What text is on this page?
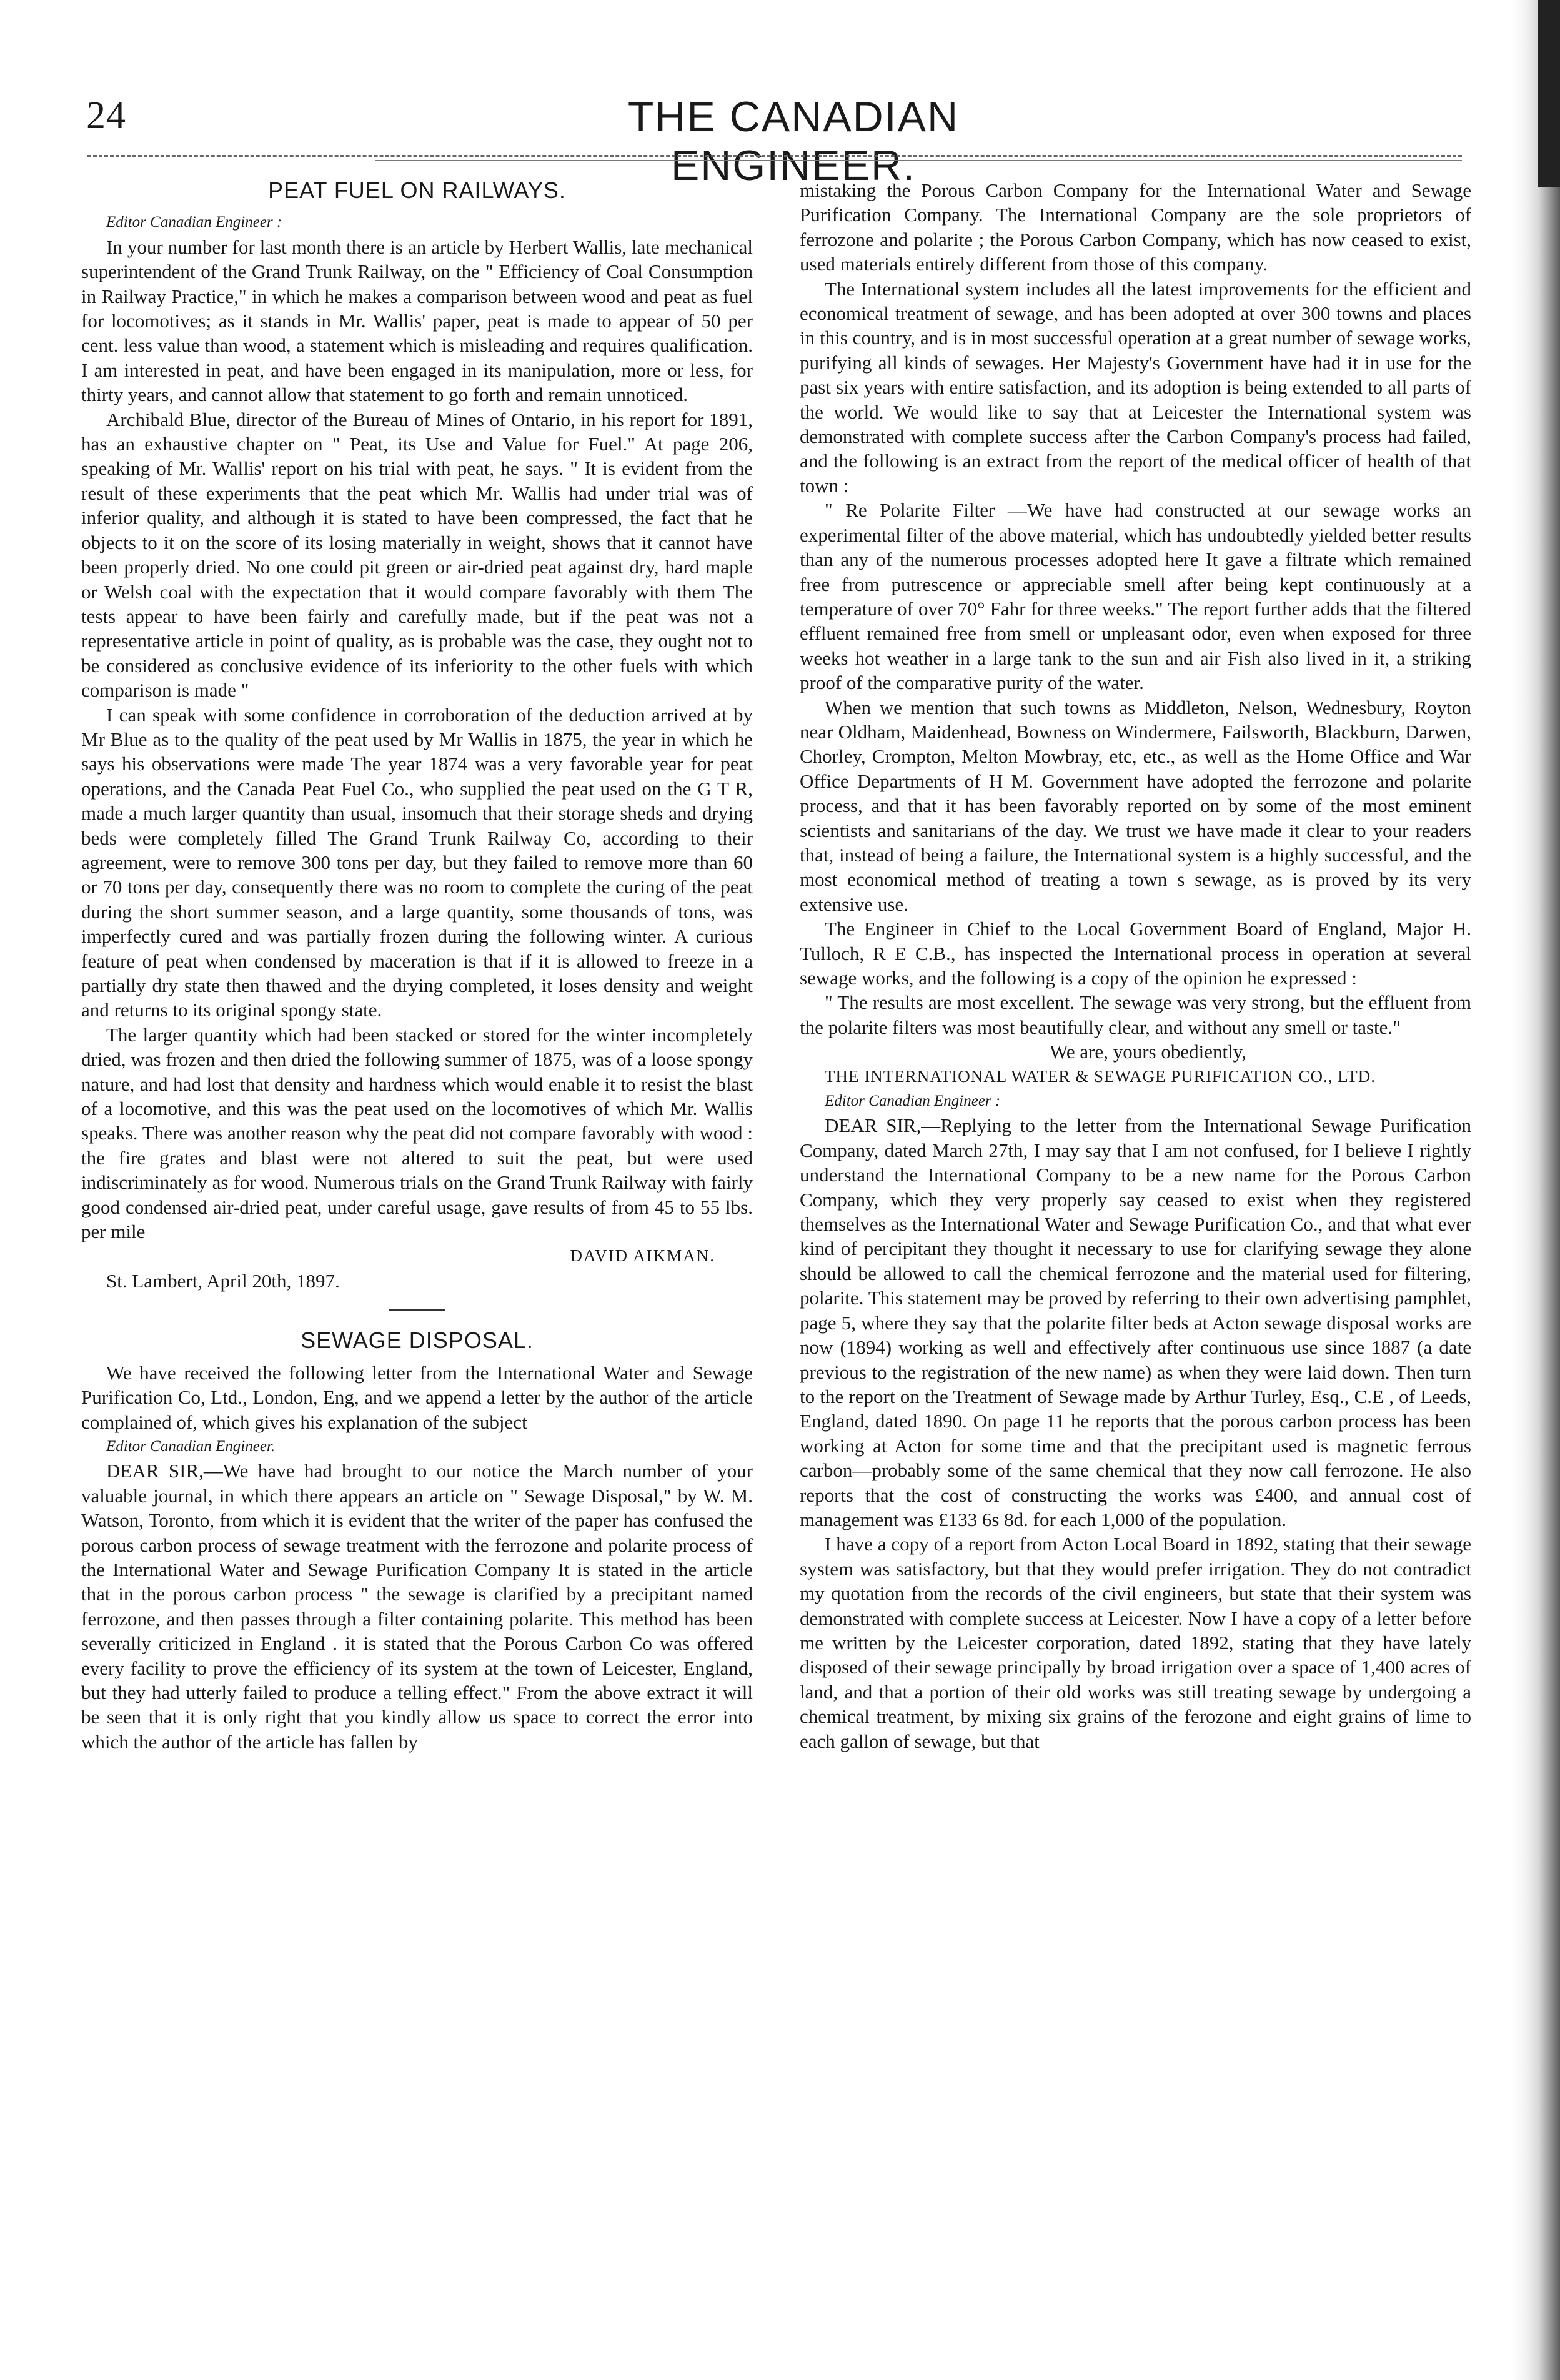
24	THE CANADIAN ENGINEER.
PEAT FUEL ON RAILWAYS.

Editor Canadian Engineer :

In your number for last month there is an article by Herbert Wallis, late mechanical superintendent of the Grand Trunk Railway, on the " Efficiency of Coal Consumption in Railway Practice," in which he makes a comparison between wood and peat as fuel for locomotives; as it stands in Mr. Wallis' paper, peat is made to appear of 50 per cent. less value than wood, a statement which is misleading and requires qualification. I am interested in peat, and have been engaged in its manipulation, more or less, for thirty years, and cannot allow that statement to go forth and remain unnoticed.

Archibald Blue, director of the Bureau of Mines of Ontario, in his report for 1891, has an exhaustive chapter on " Peat, its Use and Value for Fuel." At page 206, speaking of Mr. Wallis' report on his trial with peat, he says. " It is evident from the result of these experiments that the peat which Mr. Wallis had under trial was of inferior quality, and although it is stated to have been compressed, the fact that he objects to it on the score of its losing materially in weight, shows that it cannot have been properly dried. No one could pit green or air-dried peat against dry, hard maple or Welsh coal with the expectation that it would compare favorably with them The tests appear to have been fairly and carefully made, but if the peat was not a representative article in point of quality, as is probable was the case, they ought not to be considered as conclusive evidence of its inferiority to the other fuels with which comparison is made "

I can speak with some confidence in corroboration of the deduction arrived at by Mr Blue as to the quality of the peat used by Mr Wallis in 1875, the year in which he says his observations were made The year 1874 was a very favorable year for peat operations, and the Canada Peat Fuel Co., who supplied the peat used on the G T R, made a much larger quantity than usual, insomuch that their storage sheds and drying beds were completely filled The Grand Trunk Railway Co, according to their agreement, were to remove 300 tons per day, but they failed to remove more than 60 or 70 tons per day, consequently there was no room to complete the curing of the peat during the short summer season, and a large quantity, some thousands of tons, was imperfectly cured and was partially frozen during the following winter. A curious feature of peat when condensed by maceration is that if it is allowed to freeze in a partially dry state then thawed and the drying completed, it loses density and weight and returns to its original spongy state.

The larger quantity which had been stacked or stored for the winter incompletely dried, was frozen and then dried the following summer of 1875, was of a loose spongy nature, and had lost that density and hardness which would enable it to resist the blast of a locomotive, and this was the peat used on the locomotives of which Mr. Wallis speaks. There was another reason why the peat did not compare favorably with wood : the fire grates and blast were not altered to suit the peat, but were used indiscriminately as for wood. Numerous trials on the Grand Trunk Railway with fairly good condensed air-dried peat, under careful usage, gave results of from 45 to 55 lbs. per mile

DAVID AIKMAN.

St. Lambert, April 20th, 1897.

SEWAGE DISPOSAL.

We have received the following letter from the International Water and Sewage Purification Co, Ltd., London, Eng, and we append a letter by the author of the article complained of, which gives his explanation of the subject

Editor Canadian Engineer.

DEAR SIR,—We have had brought to our notice the March number of your valuable journal, in which there appears an article on " Sewage Disposal," by W. M. Watson, Toronto, from which it is evident that the writer of the paper has confused the porous carbon process of sewage treatment with the ferrozone and polarite process of the International Water and Sewage Purification Company It is stated in the article that in the porous carbon process " the sewage is clarified by a precipitant named ferrozone, and then passes through a filter containing polarite. This method has been severally criticized in England . it is stated that the Porous Carbon Co was offered every facility to prove the efficiency of its system at the town of Leicester, England, but they had utterly failed to produce a telling effect." From the above extract it will be seen that it is only right that you kindly allow us space to correct the error into which the author of the article has fallen by

mistaking the Porous Carbon Company for the International Water and Sewage Purification Company. The International Company are the sole proprietors of ferrozone and polarite ; the Porous Carbon Company, which has now ceased to exist, used materials entirely different from those of this company.

The International system includes all the latest improvements for the efficient and economical treatment of sewage, and has been adopted at over 300 towns and places in this country, and is in most successful operation at a great number of sewage works, purifying all kinds of sewages. Her Majesty's Government have had it in use for the past six years with entire satisfaction, and its adoption is being extended to all parts of the world. We would like to say that at Leicester the International system was demonstrated with complete success after the Carbon Company's process had failed, and the following is an extract from the report of the medical officer of health of that town :

" Re Polarite Filter —We have had constructed at our sewage works an experimental filter of the above material, which has undoubtedly yielded better results than any of the numerous processes adopted here It gave a filtrate which remained free from putrescence or appreciable smell after being kept continuously at a temperature of over 70° Fahr for three weeks." The report further adds that the filtered effluent remained free from smell or unpleasant odor, even when exposed for three weeks hot weather in a large tank to the sun and air Fish also lived in it, a striking proof of the comparative purity of the water.

When we mention that such towns as Middleton, Nelson, Wednesbury, Royton near Oldham, Maidenhead, Bowness on Windermere, Failsworth, Blackburn, Darwen, Chorley, Crompton, Melton Mowbray, etc, etc., as well as the Home Office and War Office Departments of H M. Government have adopted the ferrozone and polarite process, and that it has been favorably reported on by some of the most eminent scientists and sanitarians of the day. We trust we have made it clear to your readers that, instead of being a failure, the International system is a highly successful, and the most economical method of treating a town s sewage, as is proved by its very extensive use.

The Engineer in Chief to the Local Government Board of England, Major H. Tulloch, R E C.B., has inspected the International process in operation at several sewage works, and the following is a copy of the opinion he expressed :

" The results are most excellent. The sewage was very strong, but the effluent from the polarite filters was most beautifully clear, and without any smell or taste."

We are, yours obediently,

THE INTERNATIONAL WATER & SEWAGE PURIFICATION CO., LTD.

Editor Canadian Engineer :

DEAR SIR,—Replying to the letter from the International Sewage Purification Company, dated March 27th, I may say that I am not confused, for I believe I rightly understand the International Company to be a new name for the Porous Carbon Company, which they very properly say ceased to exist when they registered themselves as the International Water and Sewage Purification Co., and that what ever kind of percipitant they thought it necessary to use for clarifying sewage they alone should be allowed to call the chemical ferrozone and the material used for filtering, polarite. This statement may be proved by referring to their own advertising pamphlet, page 5, where they say that the polarite filter beds at Acton sewage disposal works are now (1894) working as well and effectively after continuous use since 1887 (a date previous to the registration of the new name) as when they were laid down. Then turn to the report on the Treatment of Sewage made by Arthur Turley, Esq., C.E , of Leeds, England, dated 1890. On page 11 he reports that the porous carbon process has been working at Acton for some time and that the precipitant used is magnetic ferrous carbon—probably some of the same chemical that they now call ferrozone. He also reports that the cost of constructing the works was £400, and annual cost of management was £133 6s 8d. for each 1,000 of the population.

I have a copy of a report from Acton Local Board in 1892, stating that their sewage system was satisfactory, but that they would prefer irrigation. They do not contradict my quotation from the records of the civil engineers, but state that their system was demonstrated with complete success at Leicester. Now I have a copy of a letter before me written by the Leicester corporation, dated 1892, stating that they have lately disposed of their sewage principally by broad irrigation over a space of 1,400 acres of land, and that a portion of their old works was still treating sewage by undergoing a chemical treatment, by mixing six grains of the ferozone and eight grains of lime to each gallon of sewage, but that
